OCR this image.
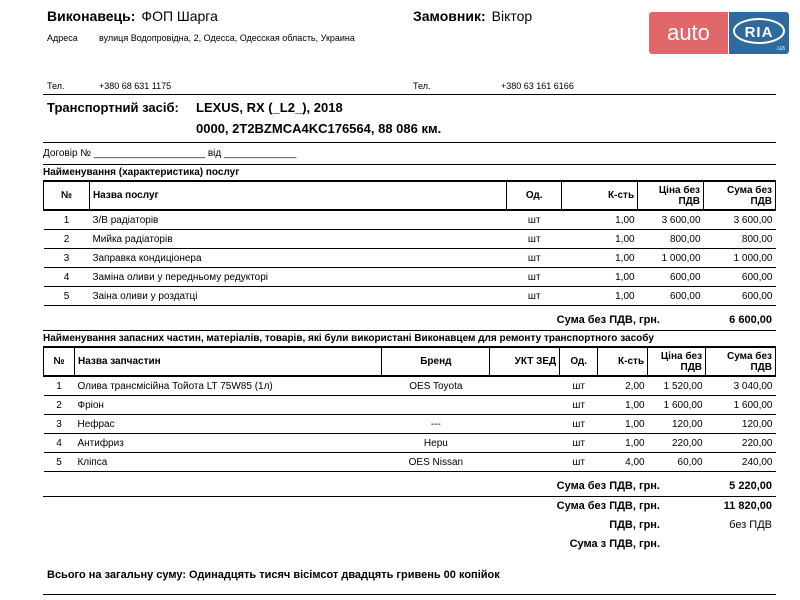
Виконавець: ФОП Шарга	Замовник: Віктор
Адреса вулиця Водопровідна, 2, Одесса, Одесская область, Украина	auto	RIA
.ua
Тел.	+380 68 631 1175	Тел.	+380 63 161 6166
Транспортний засіб: LEXUS, RX (_L2_), 2018
0000, 2T2BZMCA4KC176564, 88 086 км.
Договір № ____________________ від _____________
Найменування (характеристика) послуг
№	Назва послуг	Од.	К-сть	Ціна без ПДВ	Сума без ПДВ
1	З/В радіаторів	шт	1,00	3 600,00	3 600,00
2	Мийка радіаторів	шт	1,00	800,00	800,00
3	Заправка кондиціонера	шт	1,00	1 000,00	1 000,00
4	Заміна оливи у передньому редукторі	шт	1,00	600,00	600,00
5	Заіна оливи у роздатці	шт	1,00	600,00	600,00
Сума без ПДВ, грн.	6 600,00
Найменування запасних частин, матеріалів, товарів, які були використані Виконавцем для ремонту транспортного засобу
№	Назва запчастин	Бренд	УКТ ЗЕД	Од.	К-сть	Ціна без ПДВ	Сума без ПДВ
1	Олива трансмісійна Тойота LT 75W85 (1л)	OES Toyota		шт	2,00	1 520,00	3 040,00
2	Фріон			шт	1,00	1 600,00	1 600,00
3	Нефрас	---		шт	1,00	120,00	120,00
4	Антифриз	Hepu		шт	1,00	220,00	220,00
5	Кліпса	OES Nissan		шт	4,00	60,00	240,00
Сума без ПДВ, грн.	5 220,00
Сума без ПДВ, грн.	11 820,00
ПДВ, грн.	без ПДВ
Сума з ПДВ, грн.
Всього на загальну суму: Одинадцять тисяч вісімсот двадцять гривень 00 копійок
